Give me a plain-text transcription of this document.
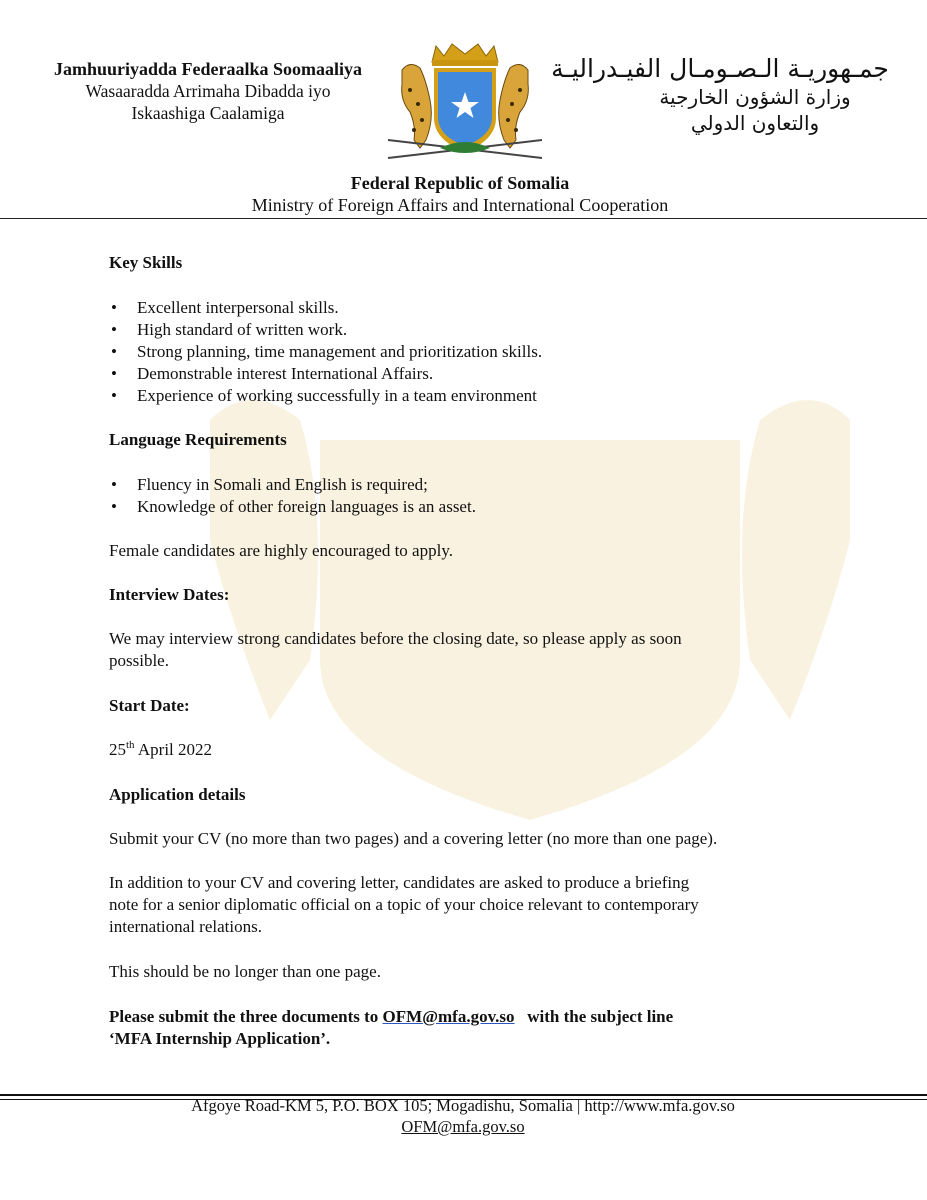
Jamhuuriyadda Federaalka Soomaaliya
Wasaaradda Arrimaha Dibadda iyo
Iskaashiga Caalamiga
جمـهوريـة الـصـومـال الفيـدراليـة
وزارة الشؤون الخارجية
والتعاون الدولي
Federal Republic of Somalia
Ministry of Foreign Affairs and International Cooperation

Key Skills

• Excellent interpersonal skills.
• High standard of written work.
• Strong planning, time management and prioritization skills.
• Demonstrable interest International Affairs.
• Experience of working successfully in a team environment

Language Requirements

• Fluency in Somali and English is required;
• Knowledge of other foreign languages is an asset.

Female candidates are highly encouraged to apply.

Interview Dates:

We may interview strong candidates before the closing date, so please apply as soon
possible.

Start Date:

25th April 2022

Application details

Submit your CV (no more than two pages) and a covering letter (no more than one page).

In addition to your CV and covering letter, candidates are asked to produce a briefing
note for a senior diplomatic official on a topic of your choice relevant to contemporary
international relations.

This should be no longer than one page.

Please submit the three documents to OFM@mfa.gov.so   with the subject line
‘MFA Internship Application’.

Afgoye Road-KM 5, P.O. BOX 105; Mogadishu, Somalia | http://www.mfa.gov.so
OFM@mfa.gov.so
